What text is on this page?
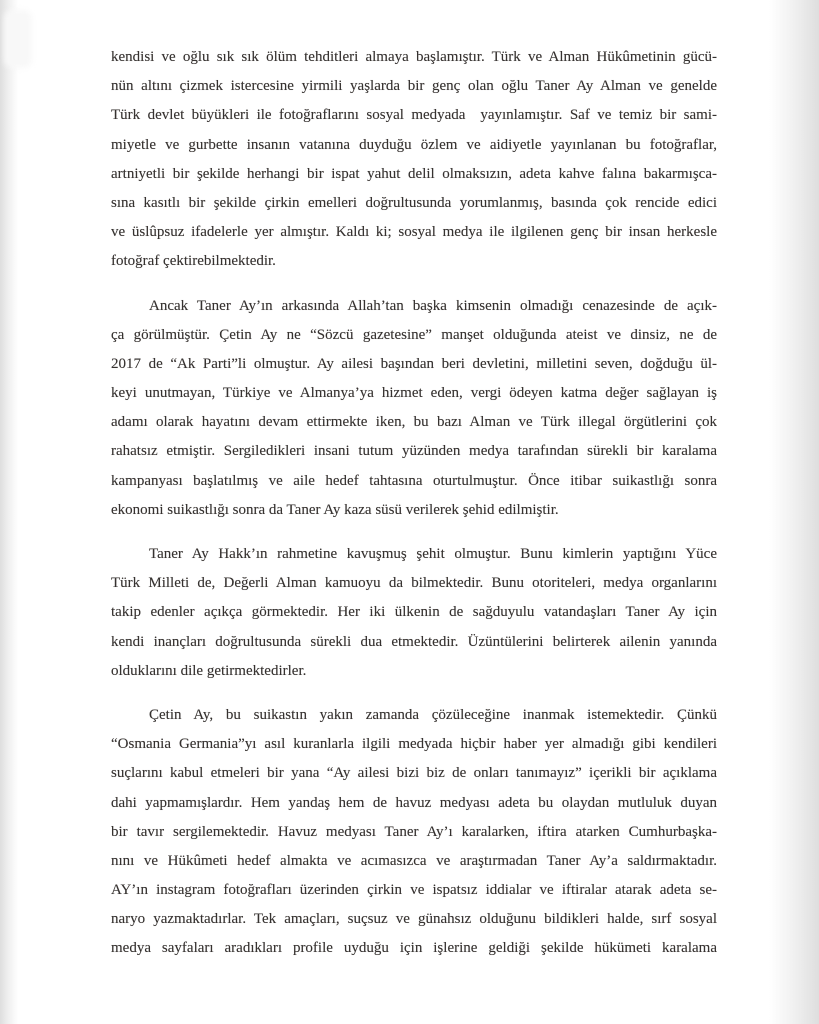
kendisi ve oğlu sık sık ölüm tehditleri almaya başlamıştır. Türk ve Alman Hükûmetinin gücü-
nün altını çizmek istercesine yirmili yaşlarda bir genç olan oğlu Taner Ay Alman ve genelde
Türk devlet büyükleri ile fotoğraflarını sosyal medyada  yayınlamıştır. Saf ve temiz bir sami-
miyetle ve gurbette insanın vatanına duyduğu özlem ve aidiyetle yayınlanan bu fotoğraflar,
artniyetli bir şekilde herhangi bir ispat yahut delil olmaksızın, adeta kahve falına bakarmışca-
sına kasıtlı bir şekilde çirkin emelleri doğrultusunda yorumlanmış, basında çok rencide edici
ve üslûpsuz ifadelerle yer almıştır. Kaldı ki; sosyal medya ile ilgilenen genç bir insan herkesle
fotoğraf çektirebilmektedir.
Ancak Taner Ay’ın arkasında Allah’tan başka kimsenin olmadığı cenazesinde de açık-
ça görülmüştür. Çetin Ay ne “Sözcü gazetesine” manşet olduğunda ateist ve dinsiz, ne de
2017 de “Ak Parti”li olmuştur. Ay ailesi başından beri devletini, milletini seven, doğduğu ül-
keyi unutmayan, Türkiye ve Almanya’ya hizmet eden, vergi ödeyen katma değer sağlayan iş
adamı olarak hayatını devam ettirmekte iken, bu bazı Alman ve Türk illegal örgütlerini çok
rahatsız etmiştir. Sergiledikleri insani tutum yüzünden medya tarafından sürekli bir karalama
kampanyası başlatılmış ve aile hedef tahtasına oturtulmuştur. Önce itibar suikastlığı sonra
ekonomi suikastlığı sonra da Taner Ay kaza süsü verilerek şehid edilmiştir.
Taner Ay Hakk’ın rahmetine kavuşmuş şehit olmuştur. Bunu kimlerin yaptığını Yüce
Türk Milleti de, Değerli Alman kamuoyu da bilmektedir. Bunu otoriteleri, medya organlarını
takip edenler açıkça görmektedir. Her iki ülkenin de sağduyulu vatandaşları Taner Ay için
kendi inançları doğrultusunda sürekli dua etmektedir. Üzüntülerini belirterek ailenin yanında
olduklarını dile getirmektedirler.
Çetin Ay, bu suikastın yakın zamanda çözüleceğine inanmak istemektedir. Çünkü
“Osmania Germania”yı asıl kuranlarla ilgili medyada hiçbir haber yer almadığı gibi kendileri
suçlarını kabul etmeleri bir yana “Ay ailesi bizi biz de onları tanımayız” içerikli bir açıklama
dahi yapmamışlardır. Hem yandaş hem de havuz medyası adeta bu olaydan mutluluk duyan
bir tavır sergilemektedir. Havuz medyası Taner Ay’ı karalarken, iftira atarken Cumhurbaşka-
nını ve Hükûmeti hedef almakta ve acımasızca ve araştırmadan Taner Ay’a saldırmaktadır.
AY’ın instagram fotoğrafları üzerinden çirkin ve ispatsız iddialar ve iftiralar atarak adeta se-
naryo yazmaktadırlar. Tek amaçları, suçsuz ve günahsız olduğunu bildikleri halde, sırf sosyal
medya sayfaları aradıkları profile uyduğu için işlerine geldiği şekilde hükümeti karalama
